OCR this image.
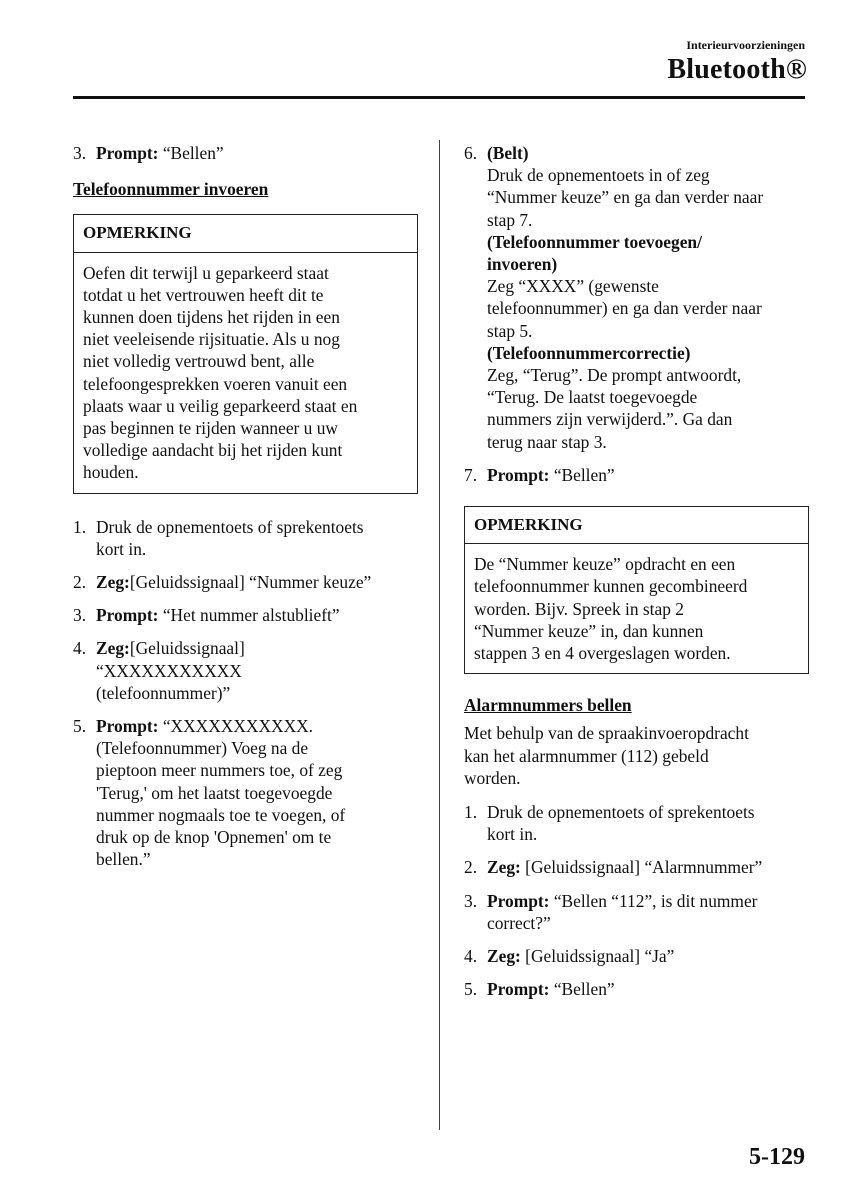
Interieurvoorzieningen
Bluetooth®
3. Prompt: “Bellen”
Telefoonnummer invoeren
OPMERKING
Oefen dit terwijl u geparkeerd staat
totdat u het vertrouwen heeft dit te
kunnen doen tijdens het rijden in een
niet veeleisende rijsituatie. Als u nog
niet volledig vertrouwd bent, alle
telefoongesprekken voeren vanuit een
plaats waar u veilig geparkeerd staat en
pas beginnen te rijden wanneer u uw
volledige aandacht bij het rijden kunt
houden.
1. Druk de opnementoets of sprekentoets
kort in.
2. Zeg:[Geluidssignaal] “Nummer keuze”
3. Prompt: “Het nummer alstublieft”
4. Zeg:[Geluidssignaal]
“XXXXXXXXXXX
(telefoonnummer)”
5. Prompt: “XXXXXXXXXXX.
(Telefoonnummer) Voeg na de
pieptoon meer nummers toe, of zeg
'Terug,' om het laatst toegevoegde
nummer nogmaals toe te voegen, of
druk op de knop 'Opnemen' om te
bellen.”
6. (Belt)
Druk de opnementoets in of zeg
“Nummer keuze” en ga dan verder naar
stap 7.
(Telefoonnummer toevoegen/
invoeren)
Zeg “XXXX” (gewenste
telefoonnummer) en ga dan verder naar
stap 5.
(Telefoonnummercorrectie)
Zeg, “Terug”. De prompt antwoordt,
“Terug. De laatst toegevoegde
nummers zijn verwijderd.”. Ga dan
terug naar stap 3.
7. Prompt: “Bellen”
OPMERKING
De “Nummer keuze” opdracht en een
telefoonnummer kunnen gecombineerd
worden. Bijv. Spreek in stap 2
“Nummer keuze” in, dan kunnen
stappen 3 en 4 overgeslagen worden.
Alarmnummers bellen
Met behulp van de spraakinvoeropdracht
kan het alarmnummer (112) gebeld
worden.
1. Druk de opnementoets of sprekentoets
kort in.
2. Zeg: [Geluidssignaal] “Alarmnummer”
3. Prompt: “Bellen “112”, is dit nummer
correct?”
4. Zeg: [Geluidssignaal] “Ja”
5. Prompt: “Bellen”
5-129
